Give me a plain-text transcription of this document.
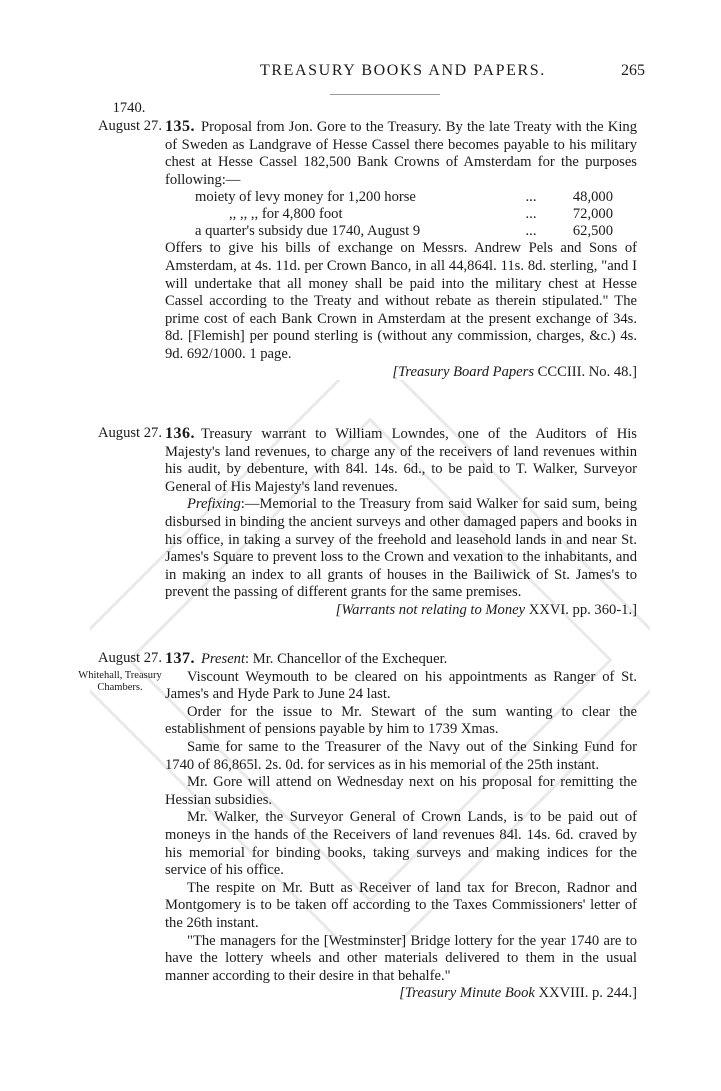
TREASURY BOOKS AND PAPERS.	265
1740.
August 27. 135. Proposal from Jon. Gore to the Treasury. By the late Treaty with the King of Sweden as Landgrave of Hesse Cassel there becomes payable to his military chest at Hesse Cassel 182,500 Bank Crowns of Amsterdam for the purposes following:—

moiety of levy money for 1,200 horse	...	48,000
,, ,, ,, for 4,800 foot	...	72,000
a quarter's subsidy due 1740, August 9	...	62,500

Offers to give his bills of exchange on Messrs. Andrew Pels and Sons of Amsterdam, at 4s. 11d. per Crown Banco, in all 44,864l. 11s. 8d. sterling, "and I will undertake that all money shall be paid into the military chest at Hesse Cassel according to the Treaty and without rebate as therein stipulated." The prime cost of each Bank Crown in Amsterdam at the present exchange of 34s. 8d. [Flemish] per pound sterling is (without any commission, charges, &c.) 4s. 9d. 692/1000. 1 page.

[Treasury Board Papers CCCIII. No. 48.]

August 27. 136. Treasury warrant to William Lowndes, one of the Auditors of His Majesty's land revenues, to charge any of the receivers of land revenues within his audit, by debenture, with 84l. 14s. 6d., to be paid to T. Walker, Surveyor General of His Majesty's land revenues.

Prefixing:—Memorial to the Treasury from said Walker for said sum, being disbursed in binding the ancient surveys and other damaged papers and books in his office, in taking a survey of the freehold and leasehold lands in and near St. James's Square to prevent loss to the Crown and vexation to the inhabitants, and in making an index to all grants of houses in the Bailiwick of St. James's to prevent the passing of different grants for the same premises.

[Warrants not relating to Money XXVI. pp. 360-1.]

August 27.
Whitehall, Treasury Chambers.

137. Present: Mr. Chancellor of the Exchequer.

Viscount Weymouth to be cleared on his appointments as Ranger of St. James's and Hyde Park to June 24 last.

Order for the issue to Mr. Stewart of the sum wanting to clear the establishment of pensions payable by him to 1739 Xmas.

Same for same to the Treasurer of the Navy out of the Sinking Fund for 1740 of 86,865l. 2s. 0d. for services as in his memorial of the 25th instant.

Mr. Gore will attend on Wednesday next on his proposal for remitting the Hessian subsidies.

Mr. Walker, the Surveyor General of Crown Lands, is to be paid out of moneys in the hands of the Receivers of land revenues 84l. 14s. 6d. craved by his memorial for binding books, taking surveys and making indices for the service of his office.

The respite on Mr. Butt as Receiver of land tax for Brecon, Radnor and Montgomery is to be taken off according to the Taxes Commissioners' letter of the 26th instant.

"The managers for the [Westminster] Bridge lottery for the year 1740 are to have the lottery wheels and other materials delivered to them in the usual manner according to their desire in that behalfe."

[Treasury Minute Book XXVIII. p. 244.]
